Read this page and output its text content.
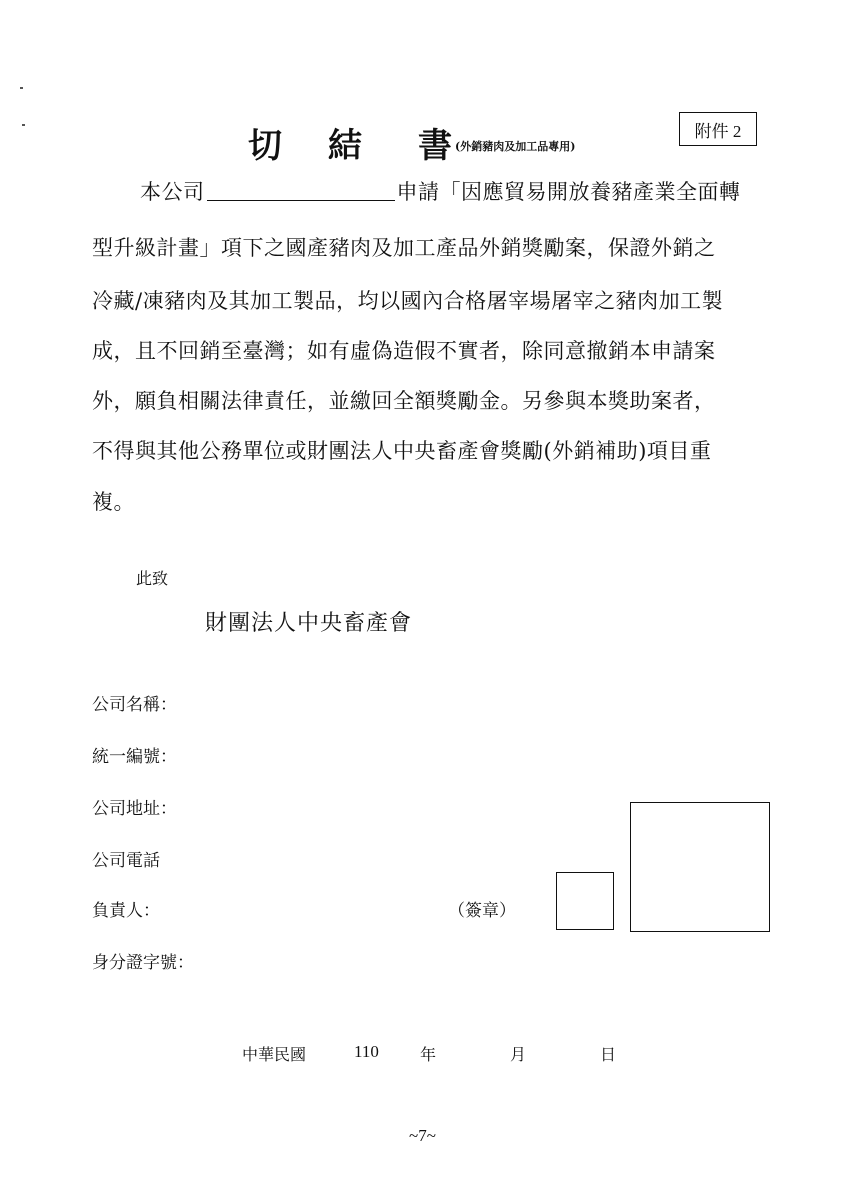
切 結 書 (外銷豬肉及加工品專用)
附件 2
本公司	申請「因應貿易開放養豬產業全面轉
型升級計畫」項下之國產豬肉及加工產品外銷獎勵案，保證外銷之
冷藏/凍豬肉及其加工製品，均以國內合格屠宰場屠宰之豬肉加工製
成，且不回銷至臺灣；如有虛偽造假不實者，除同意撤銷本申請案
外，願負相關法律責任，並繳回全額獎勵金。另參與本獎助案者，
不得與其他公務單位或財團法人中央畜產會獎勵(外銷補助)項目重
複。
此致
財團法人中央畜產會
公司名稱：
統一編號：
公司地址：
公司電話
負責人：	（簽章）
身分證字號：
中華民國	110	年	月	日
~7~
